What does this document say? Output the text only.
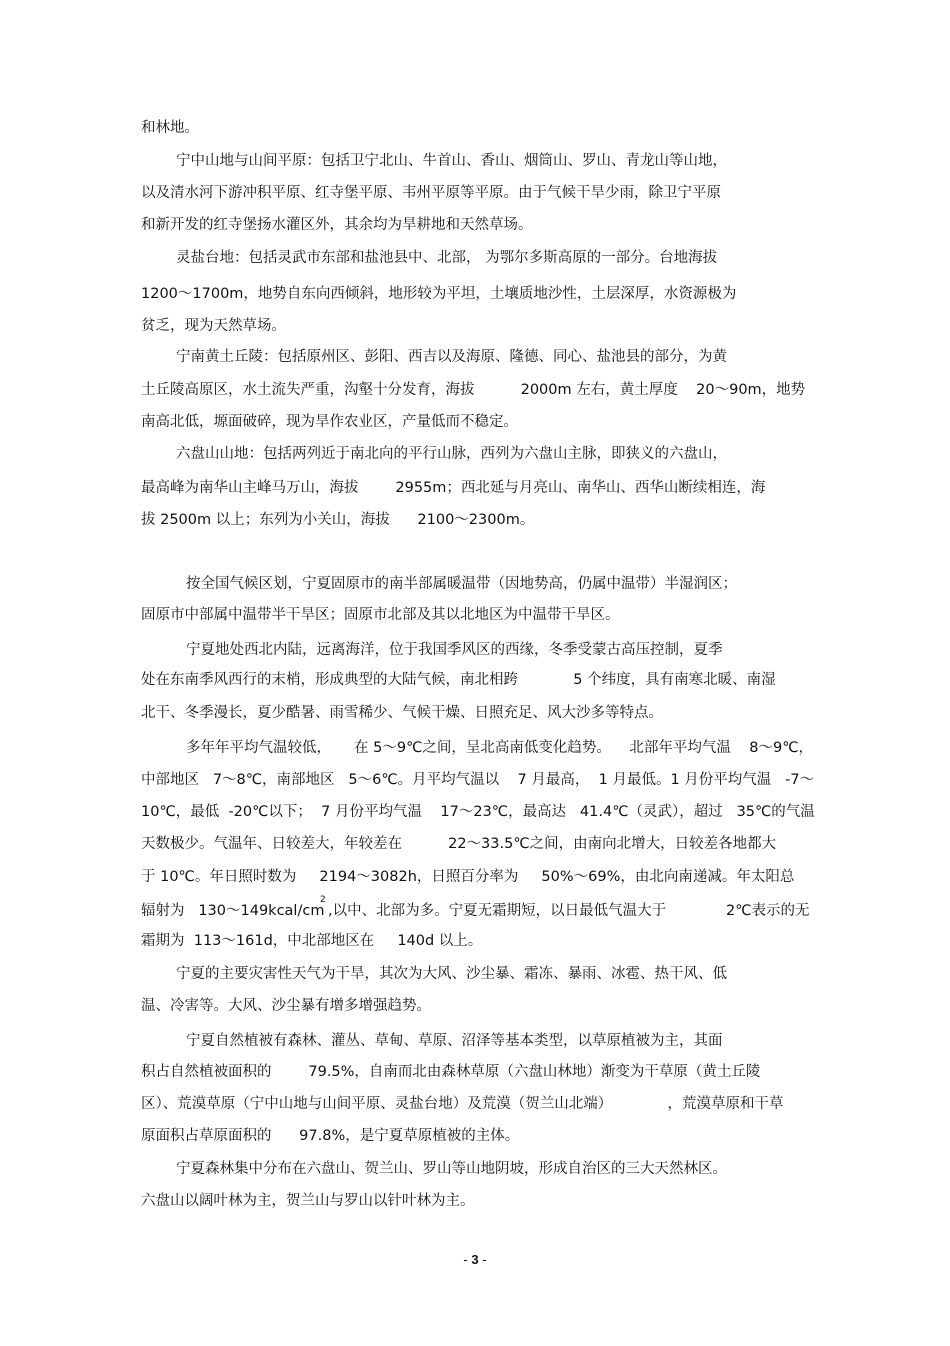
和林地。

宁中山地与山间平原：包括卫宁北山、牛首山、香山、烟筒山、罗山、青龙山等山地，

以及清水河下游冲积平原、红寺堡平原、韦州平原等平原。由于气候干旱少雨，除卫宁平原

和新开发的红寺堡扬水灌区外，其余均为旱耕地和天然草场。

灵盐台地：包括灵武市东部和盐池县中、北部， 为鄂尔多斯高原的一部分。台地海拔

1200～1700m，地势自东向西倾斜，地形较为平坦，土壤质地沙性，土层深厚，水资源极为

贫乏，现为天然草场。

宁南黄土丘陵：包括原州区、彭阳、西吉以及海原、隆德、同心、盐池县的部分，为黄

土丘陵高原区，水土流失严重，沟壑十分发育，海拔          2000m 左右，黄土厚度    20～90m，地势

南高北低，塬面破碎，现为旱作农业区，产量低而不稳定。

六盘山山地：包括两列近于南北向的平行山脉，西列为六盘山主脉，即狭义的六盘山，

最高峰为南华山主峰马万山，海拔        2955m；西北延与月亮山、南华山、西华山断续相连，海

拔 2500m 以上；东列为小关山，海拔      2100～2300m。

按全国气候区划，宁夏固原市的南半部属暖温带（因地势高，仍属中温带）半湿润区；

固原市中部属中温带半干旱区；固原市北部及其以北地区为中温带干旱区。

宁夏地处西北内陆，远离海洋，位于我国季风区的西缘，冬季受蒙古高压控制，夏季

处在东南季风西行的末梢，形成典型的大陆气候，南北相跨            5 个纬度，具有南寒北暖、南湿

北干、冬季漫长，夏少酷暑、雨雪稀少、气候干燥、日照充足、风大沙多等特点。

多年年平均气温较低，     在 5～9℃之间，呈北高南低变化趋势。    北部年平均气温    8～9℃，

中部地区   7～8℃，南部地区   5～6℃。月平均气温以    7 月最高，  1 月最低。1 月份平均气温   -7～

10℃，最低  -20℃以下；  7 月份平均气温    17～23℃，最高达   41.4℃（灵武），超过   35℃的气温

天数极少。气温年、日较差大，年较差在          22～33.5℃之间，由南向北增大，日较差各地都大

于 10℃。年日照时数为     2194～3082h，日照百分率为     50%～69%，由北向南递减。年太阳总

辐射为   130～149kcal/cm

2

,以中、北部为多。宁夏无霜期短，以日最低气温大于             2℃表示的无

霜期为  113～161d，中北部地区在     140d 以上。

宁夏的主要灾害性天气为干旱，其次为大风、沙尘暴、霜冻、暴雨、冰雹、热干风、低

温、冷害等。大风、沙尘暴有增多增强趋势。

宁夏自然植被有森林、灌丛、草甸、草原、沼泽等基本类型，以草原植被为主，其面

积占自然植被面积的        79.5%，自南而北由森林草原（六盘山林地）渐变为干草原（黄土丘陵

区）、荒漠草原（宁中山地与山间平原、灵盐台地）及荒漠（贺兰山北端）            ，荒漠草原和干草

原面积占草原面积的      97.8%，是宁夏草原植被的主体。

宁夏森林集中分布在六盘山、贺兰山、罗山等山地阴坡，形成自治区的三大天然林区。

六盘山以阔叶林为主，贺兰山与罗山以针叶林为主。

- 3 -
